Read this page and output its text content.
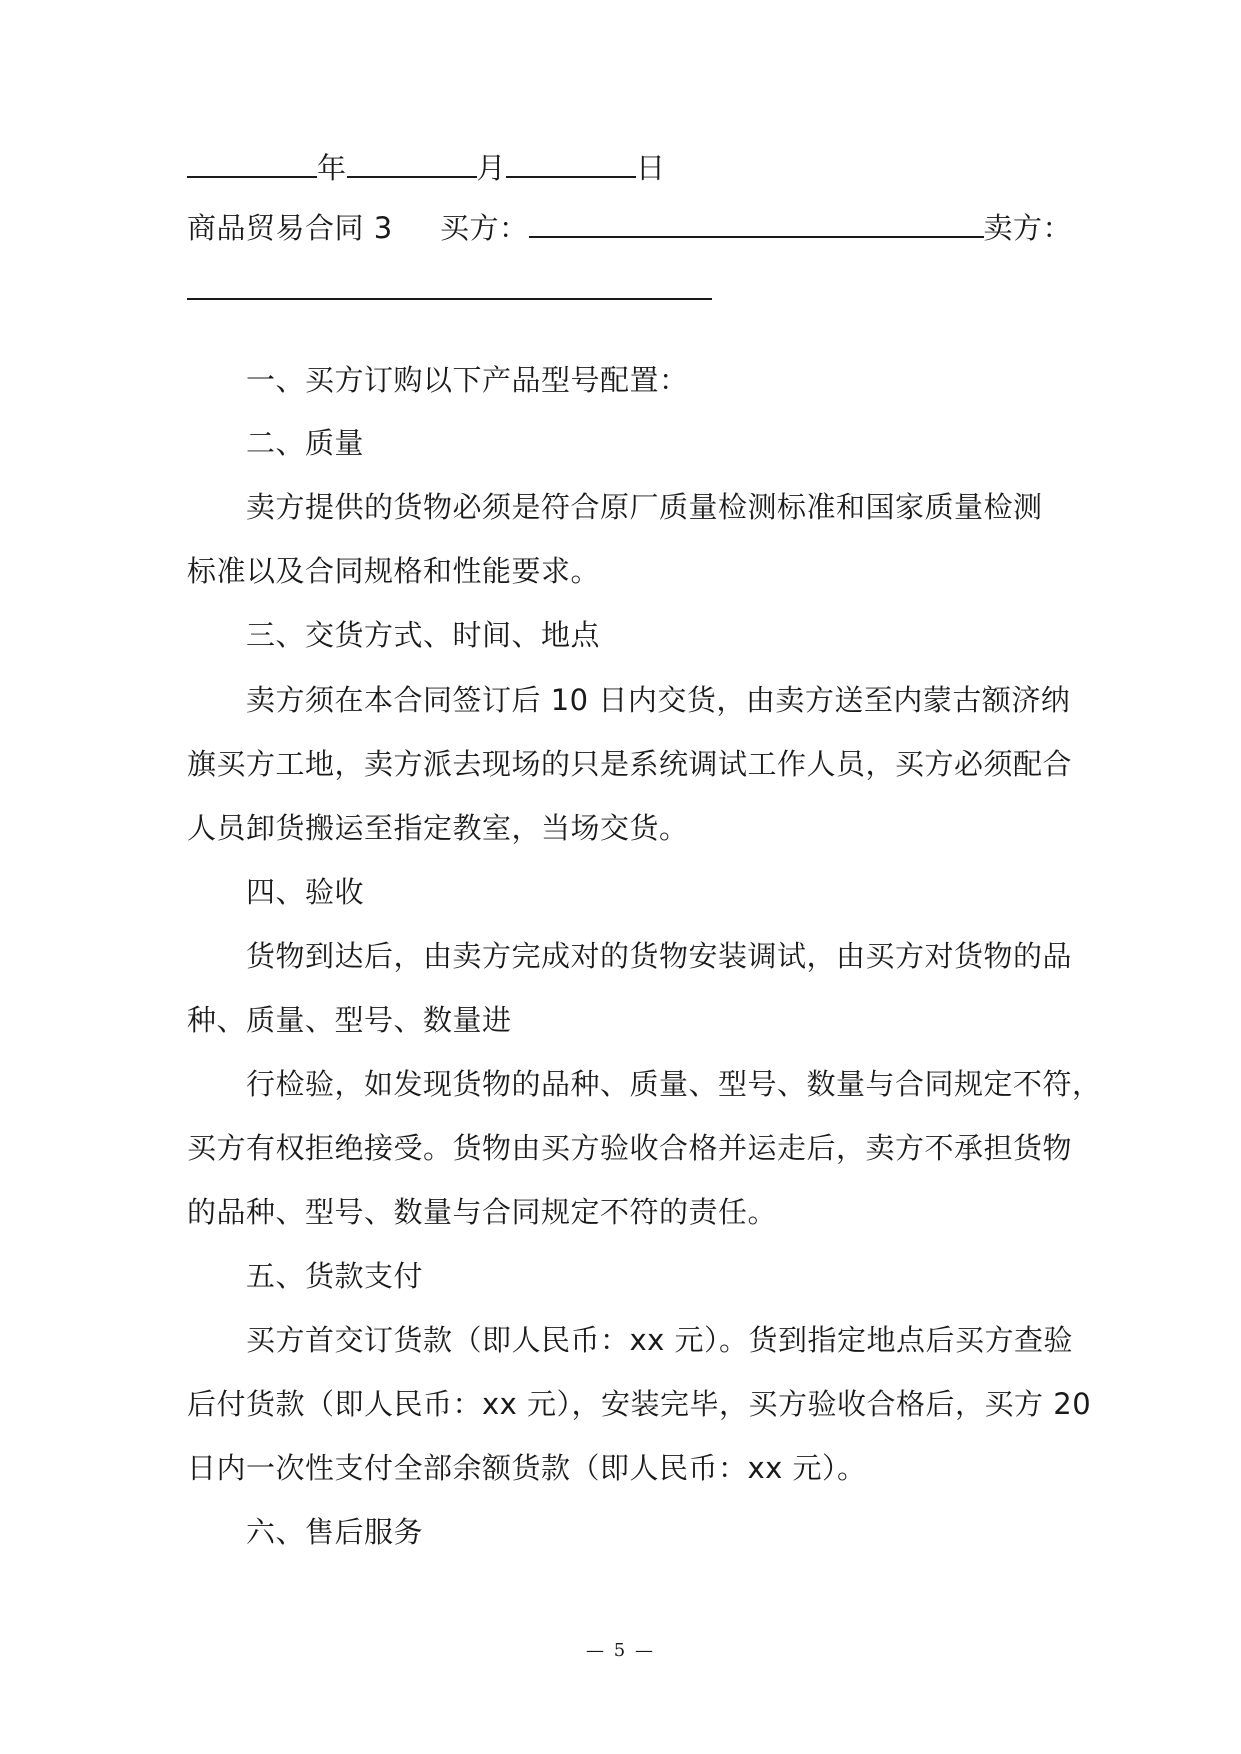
年	月	日
商品贸易合同 3 买方：	卖方：
一、买方订购以下产品型号配置：
二、质量
卖方提供的货物必须是符合原厂质量检测标准和国家质量检测
标准以及合同规格和性能要求。
三、交货方式、时间、地点
卖方须在本合同签订后 10 日内交货，由卖方送至内蒙古额济纳
旗买方工地，卖方派去现场的只是系统调试工作人员，买方必须配合
人员卸货搬运至指定教室，当场交货。
四、验收
货物到达后，由卖方完成对的货物安装调试，由买方对货物的品
种、质量、型号、数量进
行检验，如发现货物的品种、质量、型号、数量与合同规定不符，
买方有权拒绝接受。货物由买方验收合格并运走后，卖方不承担货物
的品种、型号、数量与合同规定不符的责任。
五、货款支付
买方首交订货款（即人民币：xx 元）。货到指定地点后买方查验
后付货款（即人民币：xx 元），安装完毕，买方验收合格后，买方 20
日内一次性支付全部余额货款（即人民币：xx 元）。
六、售后服务
— 5 —
